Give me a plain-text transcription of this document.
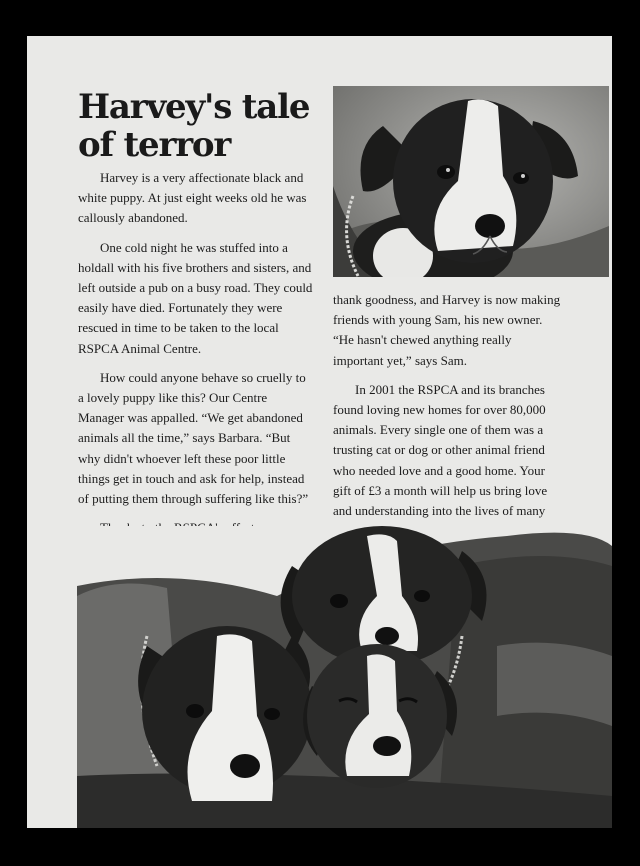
Harvey's tale of terror

Harvey is a very affectionate black and white puppy. At just eight weeks old he was callously abandoned.

One cold night he was stuffed into a holdall with his five brothers and sisters, and left outside a pub on a busy road. They could easily have died. Fortunately they were rescued in time to be taken to the local RSPCA Animal Centre.

How could anyone behave so cruelly to a lovely puppy like this? Our Centre Manager was appalled. “We get abandoned animals all the time,” says Barbara. “But why didn't whoever left these poor little things get in touch and ask for help, instead of putting them through suffering like this?”

thank goodness, and Harvey is now making friends with young Sam, his new owner. “He hasn't chewed anything really important yet,” says Sam.

In 2001 the RSPCA and its branches found loving new homes for over 80,000 animals. Every single one of them was a trusting cat or dog or other animal friend who needed love and a good home. Your gift of £3 a month will help us bring love and understanding into the lives of many
